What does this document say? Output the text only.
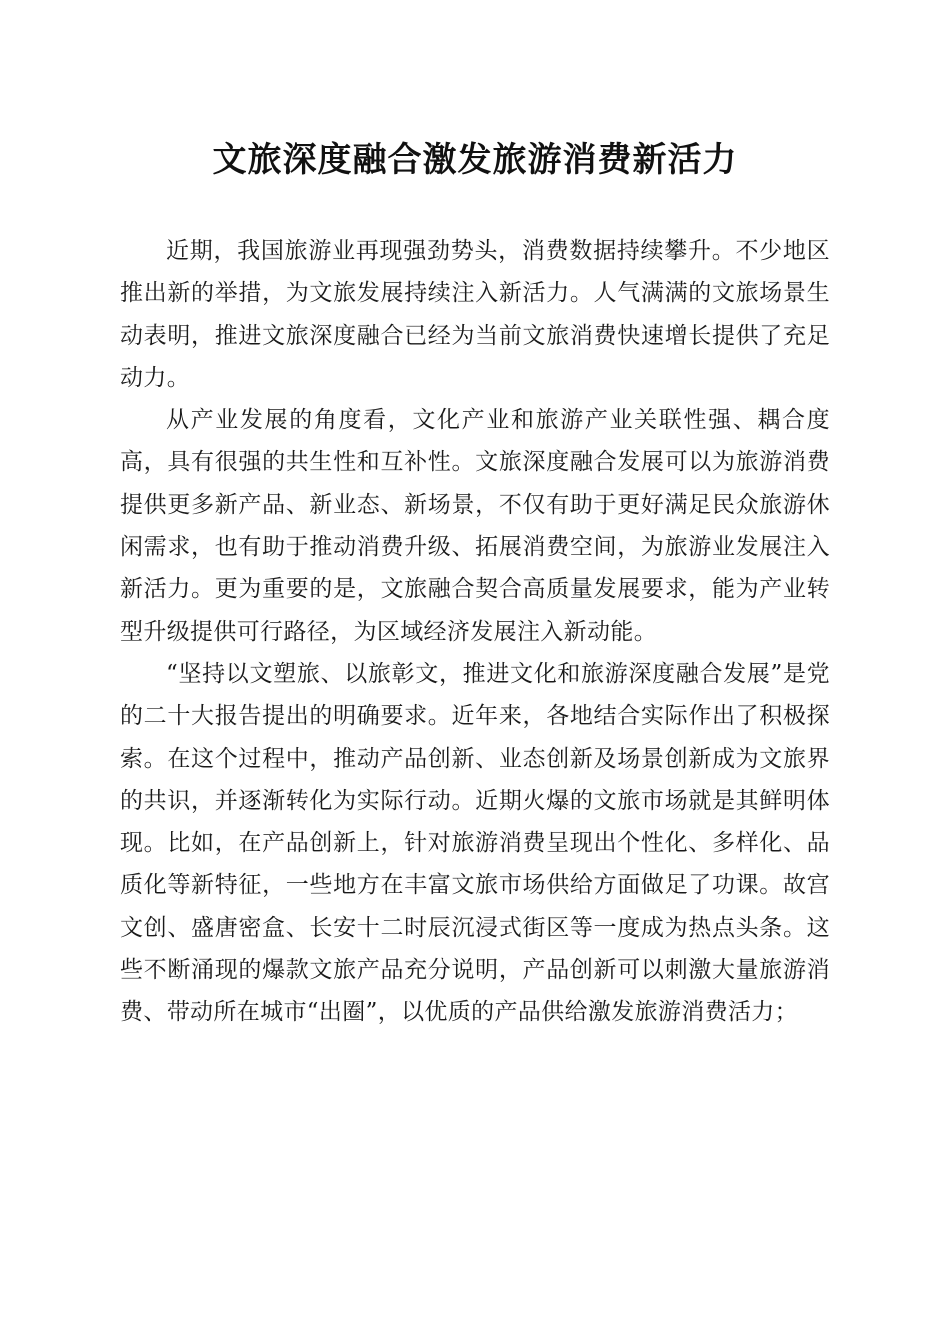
文旅深度融合激发旅游消费新活力

近期，我国旅游业再现强劲势头，消费数据持续攀升。不少地区推出新的举措，为文旅发展持续注入新活力。人气满满的文旅场景生动表明，推进文旅深度融合已经为当前文旅消费快速增长提供了充足动力。

从产业发展的角度看，文化产业和旅游产业关联性强、耦合度高，具有很强的共生性和互补性。文旅深度融合发展可以为旅游消费提供更多新产品、新业态、新场景，不仅有助于更好满足民众旅游休闲需求，也有助于推动消费升级、拓展消费空间，为旅游业发展注入新活力。更为重要的是，文旅融合契合高质量发展要求，能为产业转型升级提供可行路径，为区域经济发展注入新动能。

“坚持以文塑旅、以旅彰文，推进文化和旅游深度融合发展”是党的二十大报告提出的明确要求。近年来，各地结合实际作出了积极探索。在这个过程中，推动产品创新、业态创新及场景创新成为文旅界的共识，并逐渐转化为实际行动。近期火爆的文旅市场就是其鲜明体现。比如，在产品创新上，针对旅游消费呈现出个性化、多样化、品质化等新特征，一些地方在丰富文旅市场供给方面做足了功课。故宫文创、盛唐密盒、长安十二时辰沉浸式街区等一度成为热点头条。这些不断涌现的爆款文旅产品充分说明，产品创新可以刺激大量旅游消费、带动所在城市“出圈”，以优质的产品供给激发旅游消费活力；
